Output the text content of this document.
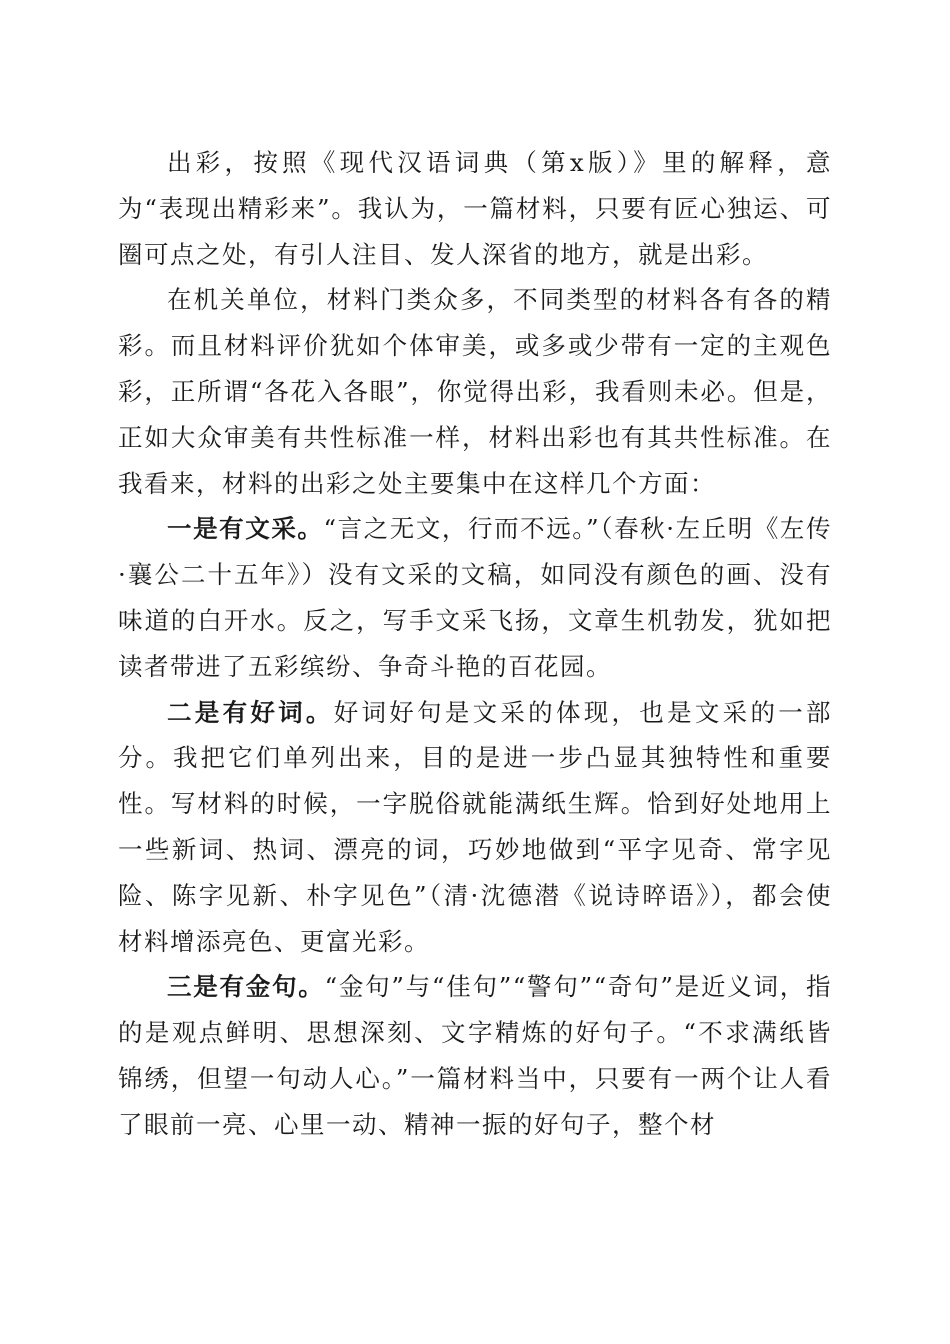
出彩，按照《现代汉语词典（第x版）》里的解释，意为“表现出精彩来”。我认为，一篇材料，只要有匠心独运、可圈可点之处，有引人注目、发人深省的地方，就是出彩。

在机关单位，材料门类众多，不同类型的材料各有各的精彩。而且材料评价犹如个体审美，或多或少带有一定的主观色彩，正所谓“各花入各眼”，你觉得出彩，我看则未必。但是，正如大众审美有共性标准一样，材料出彩也有其共性标准。在我看来，材料的出彩之处主要集中在这样几个方面：

一是有文采。“言之无文，行而不远。”（春秋·左丘明《左传·襄公二十五年》）没有文采的文稿，如同没有颜色的画、没有味道的白开水。反之，写手文采飞扬，文章生机勃发，犹如把读者带进了五彩缤纷、争奇斗艳的百花园。

二是有好词。好词好句是文采的体现，也是文采的一部分。我把它们单列出来，目的是进一步凸显其独特性和重要性。写材料的时候，一字脱俗就能满纸生辉。恰到好处地用上一些新词、热词、漂亮的词，巧妙地做到“平字见奇、常字见险、陈字见新、朴字见色”（清·沈德潜《说诗晬语》），都会使材料增添亮色、更富光彩。

三是有金句。“金句”与“佳句”“警句”“奇句”是近义词，指的是观点鲜明、思想深刻、文字精炼的好句子。“不求满纸皆锦绣，但望一句动人心。”一篇材料当中，只要有一两个让人看了眼前一亮、心里一动、精神一振的好句子，整个材
